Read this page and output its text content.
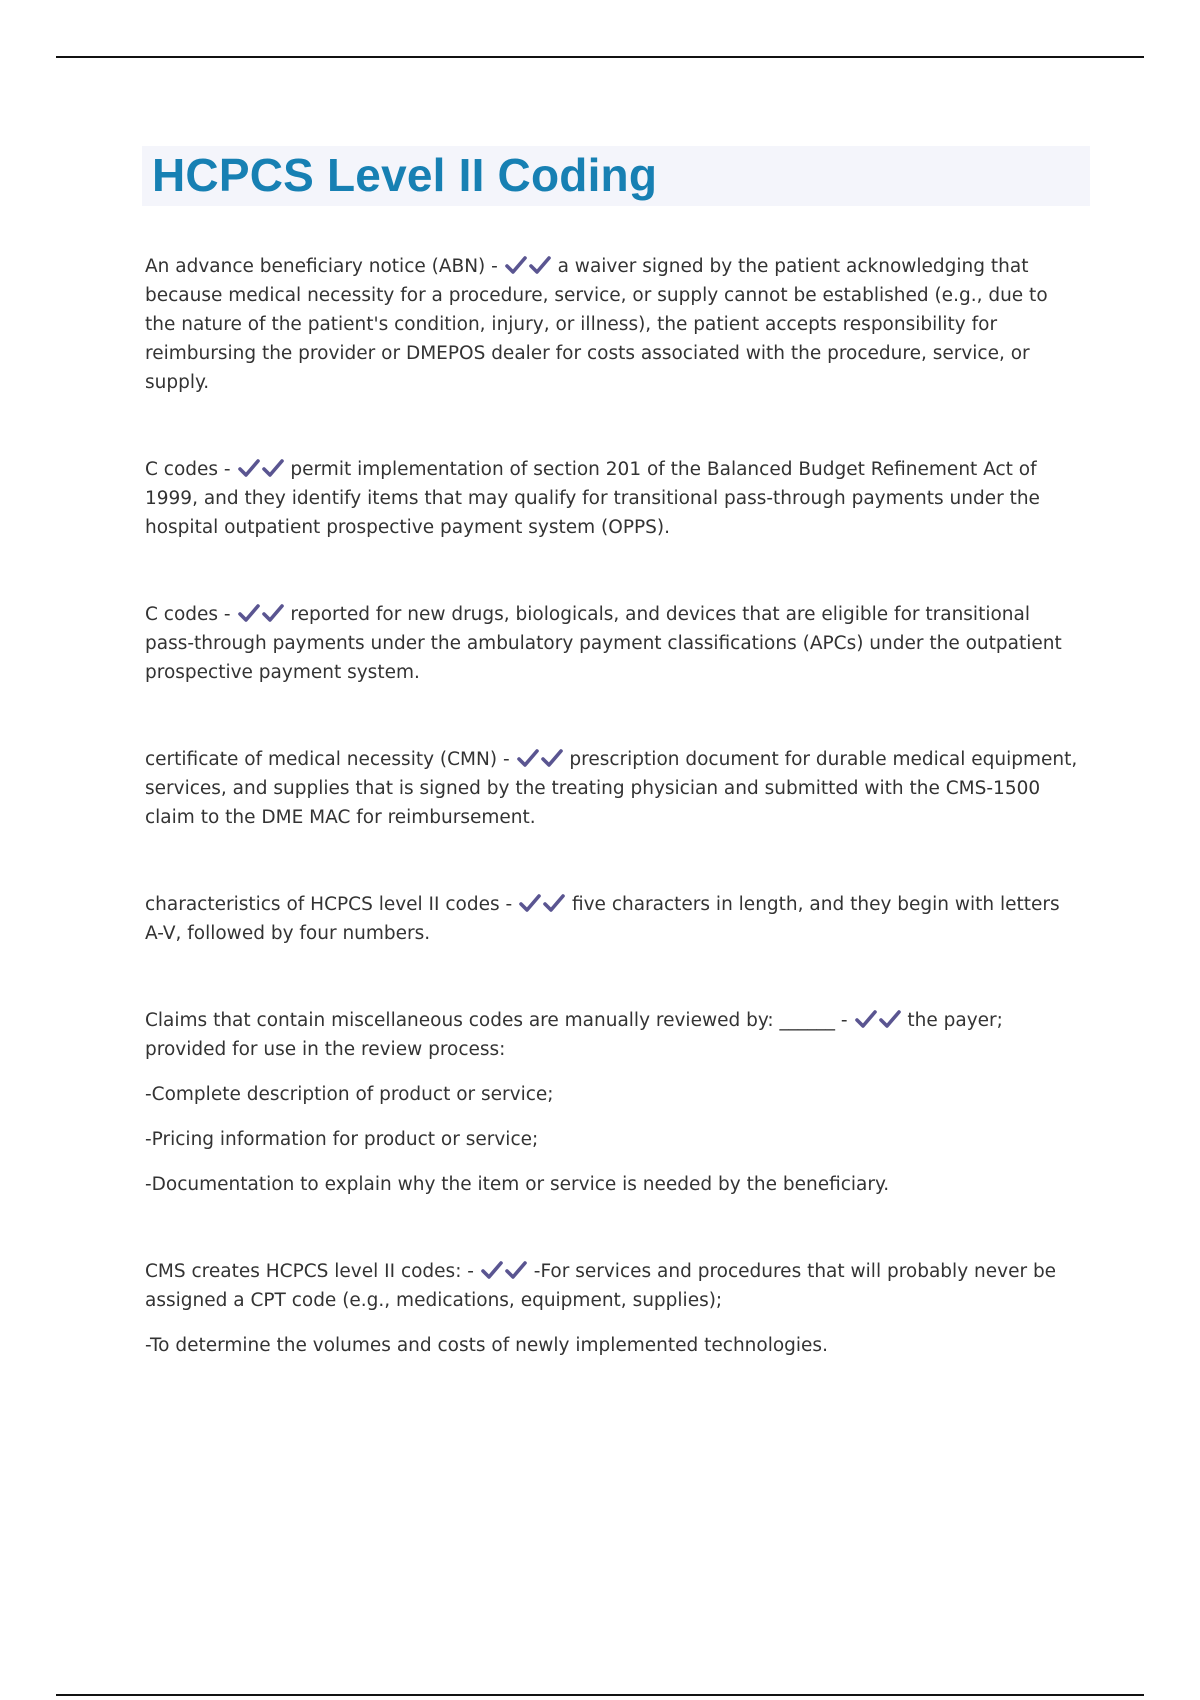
HCPCS Level II Coding

An advance beneficiary notice (ABN) -	a waiver signed by the patient acknowledging that because medical necessity for a procedure, service, or supply cannot be established (e.g., due to the nature of the patient's condition, injury, or illness), the patient accepts responsibility for reimbursing the provider or DMEPOS dealer for costs associated with the procedure, service, or supply.

C codes -	permit implementation of section 201 of the Balanced Budget Refinement Act of 1999, and they identify items that may qualify for transitional pass-through payments under the hospital outpatient prospective payment system (OPPS).

C codes -	reported for new drugs, biologicals, and devices that are eligible for transitional pass-through payments under the ambulatory payment classifications (APCs) under the outpatient prospective payment system.

certificate of medical necessity (CMN) -	prescription document for durable medical equipment, services, and supplies that is signed by the treating physician and submitted with the CMS-1500 claim to the DME MAC for reimbursement.

characteristics of HCPCS level II codes -	five characters in length, and they begin with letters A-V, followed by four numbers.

Claims that contain miscellaneous codes are manually reviewed by: ______ -	the payer; provided for use in the review process:

-Complete description of product or service;

-Pricing information for product or service;

-Documentation to explain why the item or service is needed by the beneficiary.

CMS creates HCPCS level II codes: -	-For services and procedures that will probably never be assigned a CPT code (e.g., medications, equipment, supplies);

-To determine the volumes and costs of newly implemented technologies.
